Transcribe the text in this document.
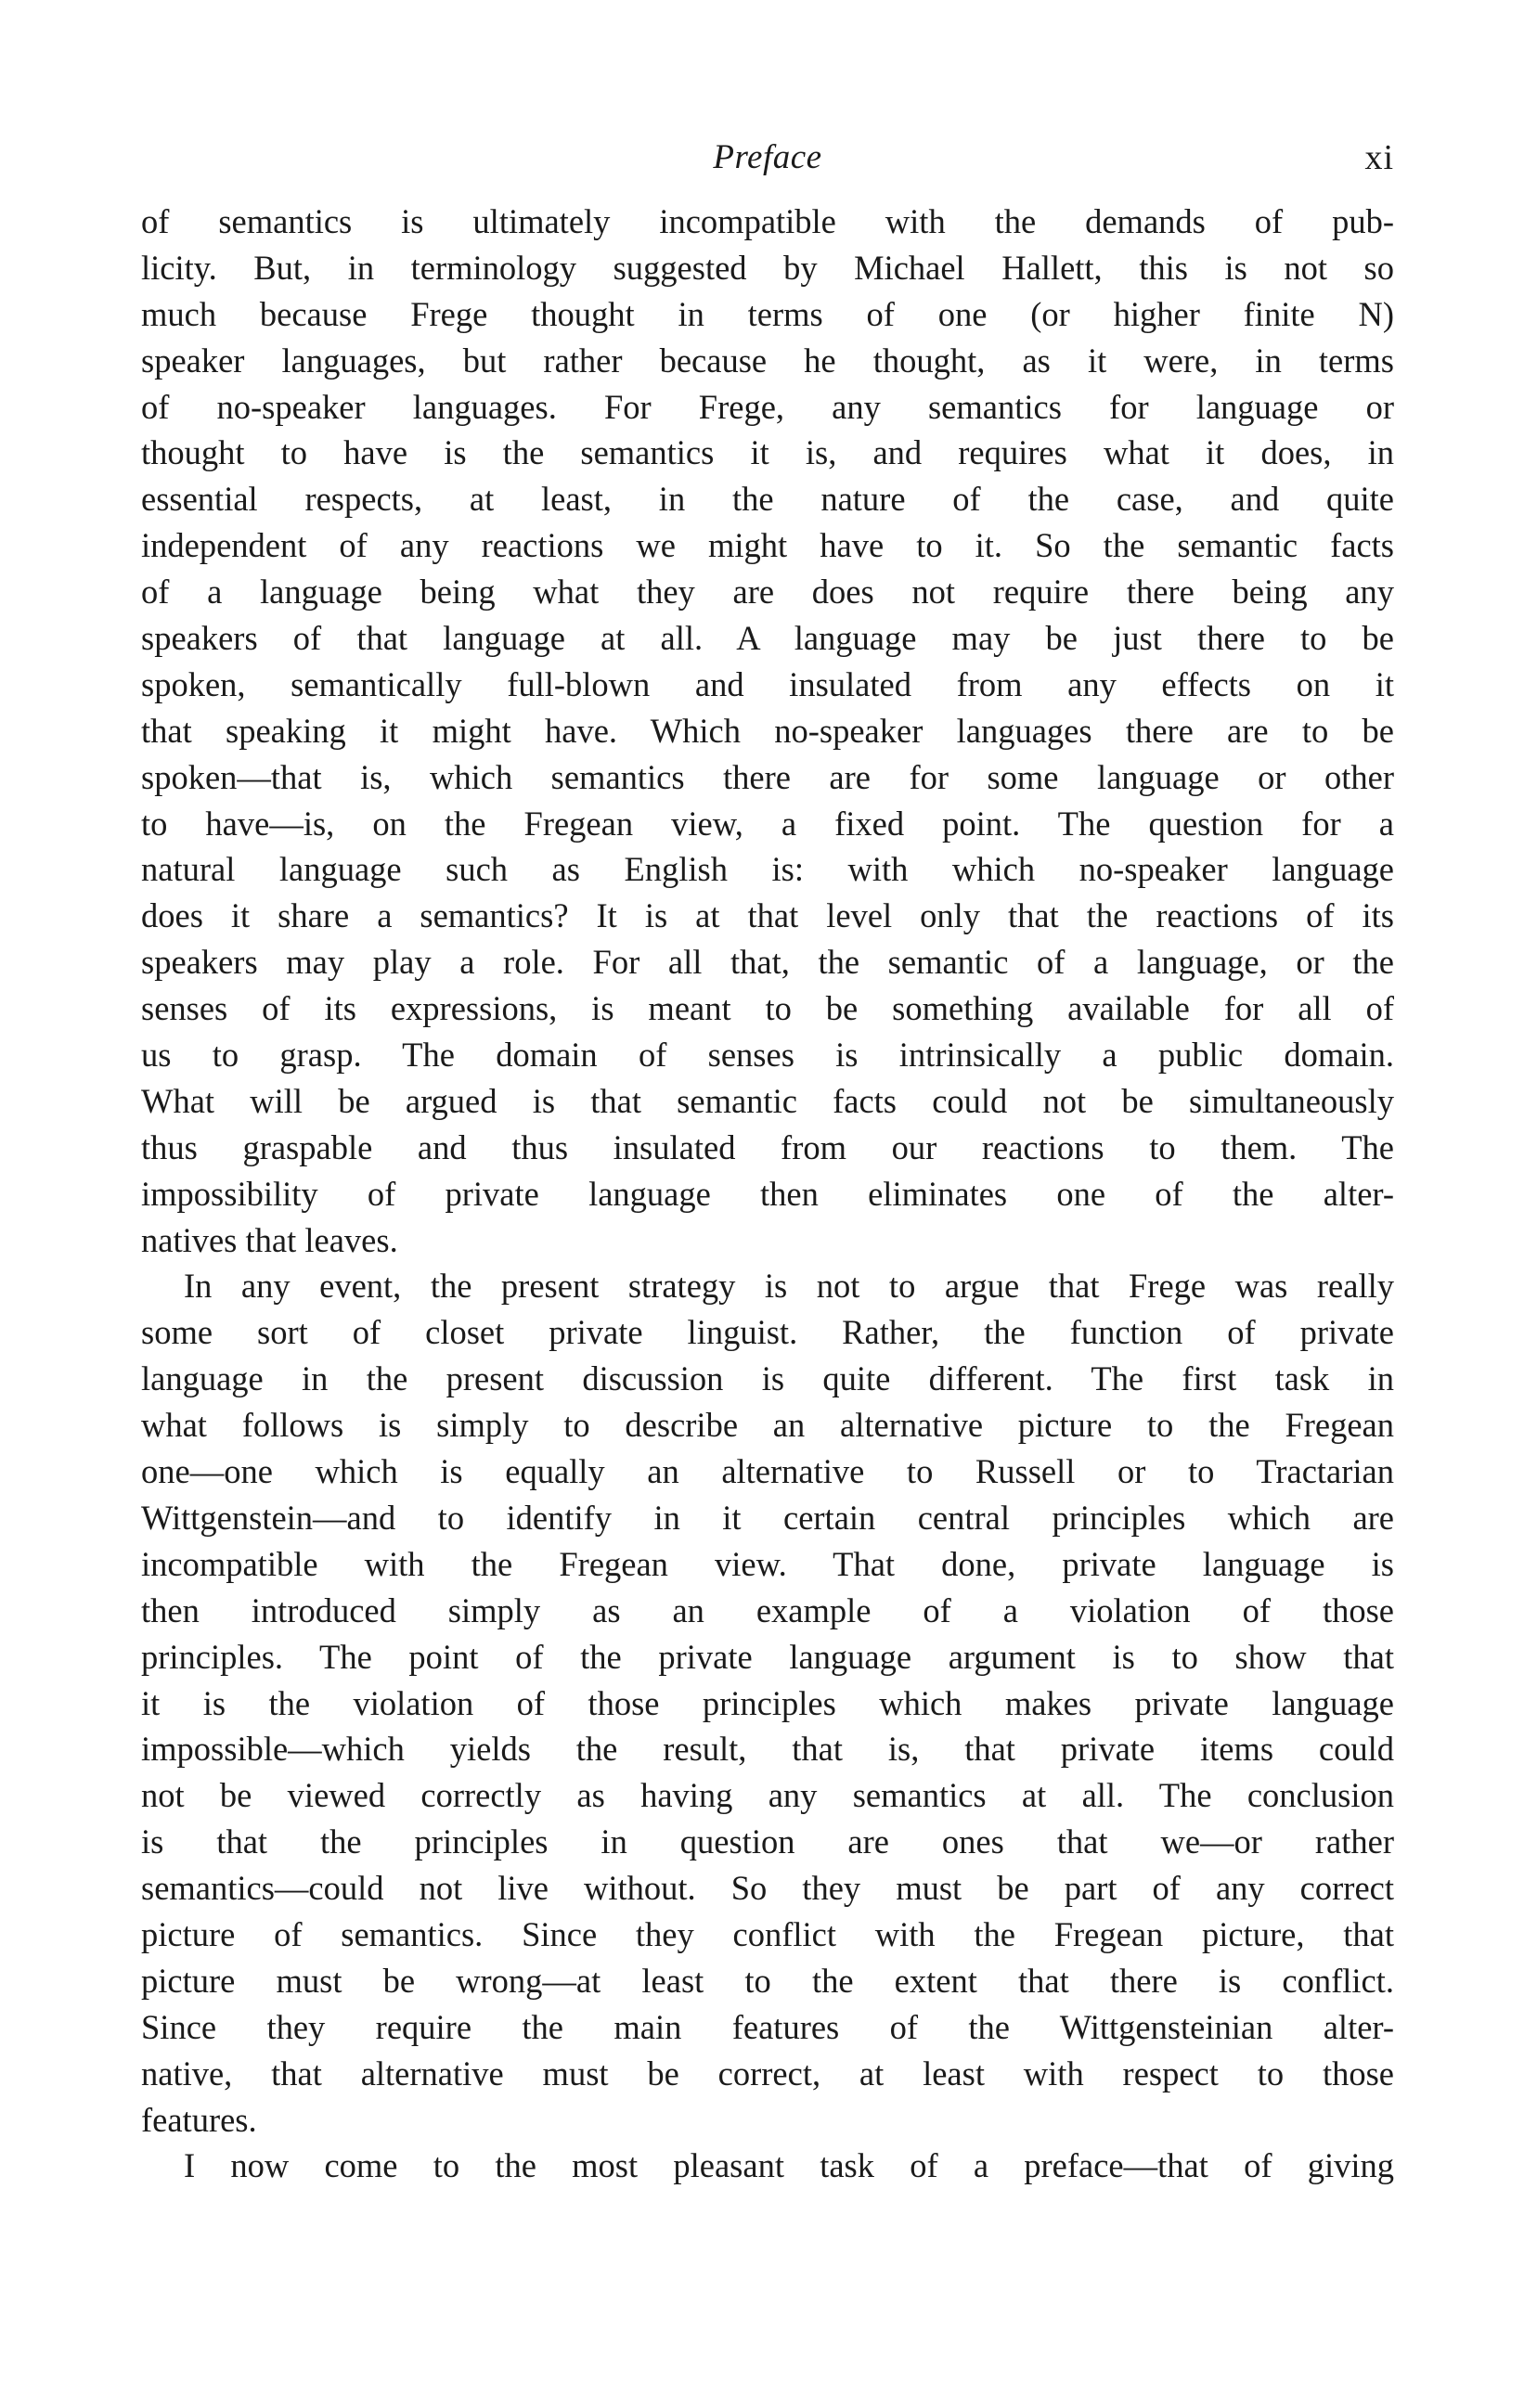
Preface	xi
of semantics is ultimately incompatible with the demands of pub-
licity. But, in terminology suggested by Michael Hallett, this is not so
much because Frege thought in terms of one (or higher finite N)
speaker languages, but rather because he thought, as it were, in terms
of no-speaker languages. For Frege, any semantics for language or
thought to have is the semantics it is, and requires what it does, in
essential respects, at least, in the nature of the case, and quite
independent of any reactions we might have to it. So the semantic facts
of a language being what they are does not require there being any
speakers of that language at all. A language may be just there to be
spoken, semantically full-blown and insulated from any effects on it
that speaking it might have. Which no-speaker languages there are to be
spoken—that is, which semantics there are for some language or other
to have—is, on the Fregean view, a fixed point. The question for a
natural language such as English is: with which no-speaker language
does it share a semantics? It is at that level only that the reactions of its
speakers may play a role. For all that, the semantic of a language, or the
senses of its expressions, is meant to be something available for all of
us to grasp. The domain of senses is intrinsically a public domain.
What will be argued is that semantic facts could not be simultaneously
thus graspable and thus insulated from our reactions to them. The
impossibility of private language then eliminates one of the alter-
natives that leaves.
In any event, the present strategy is not to argue that Frege was really
some sort of closet private linguist. Rather, the function of private
language in the present discussion is quite different. The first task in
what follows is simply to describe an alternative picture to the Fregean
one—one which is equally an alternative to Russell or to Tractarian
Wittgenstein—and to identify in it certain central principles which are
incompatible with the Fregean view. That done, private language is
then introduced simply as an example of a violation of those
principles. The point of the private language argument is to show that
it is the violation of those principles which makes private language
impossible—which yields the result, that is, that private items could
not be viewed correctly as having any semantics at all. The conclusion
is that the principles in question are ones that we—or rather
semantics—could not live without. So they must be part of any correct
picture of semantics. Since they conflict with the Fregean picture, that
picture must be wrong—at least to the extent that there is conflict.
Since they require the main features of the Wittgensteinian alter-
native, that alternative must be correct, at least with respect to those
features.
I now come to the most pleasant task of a preface—that of giving
